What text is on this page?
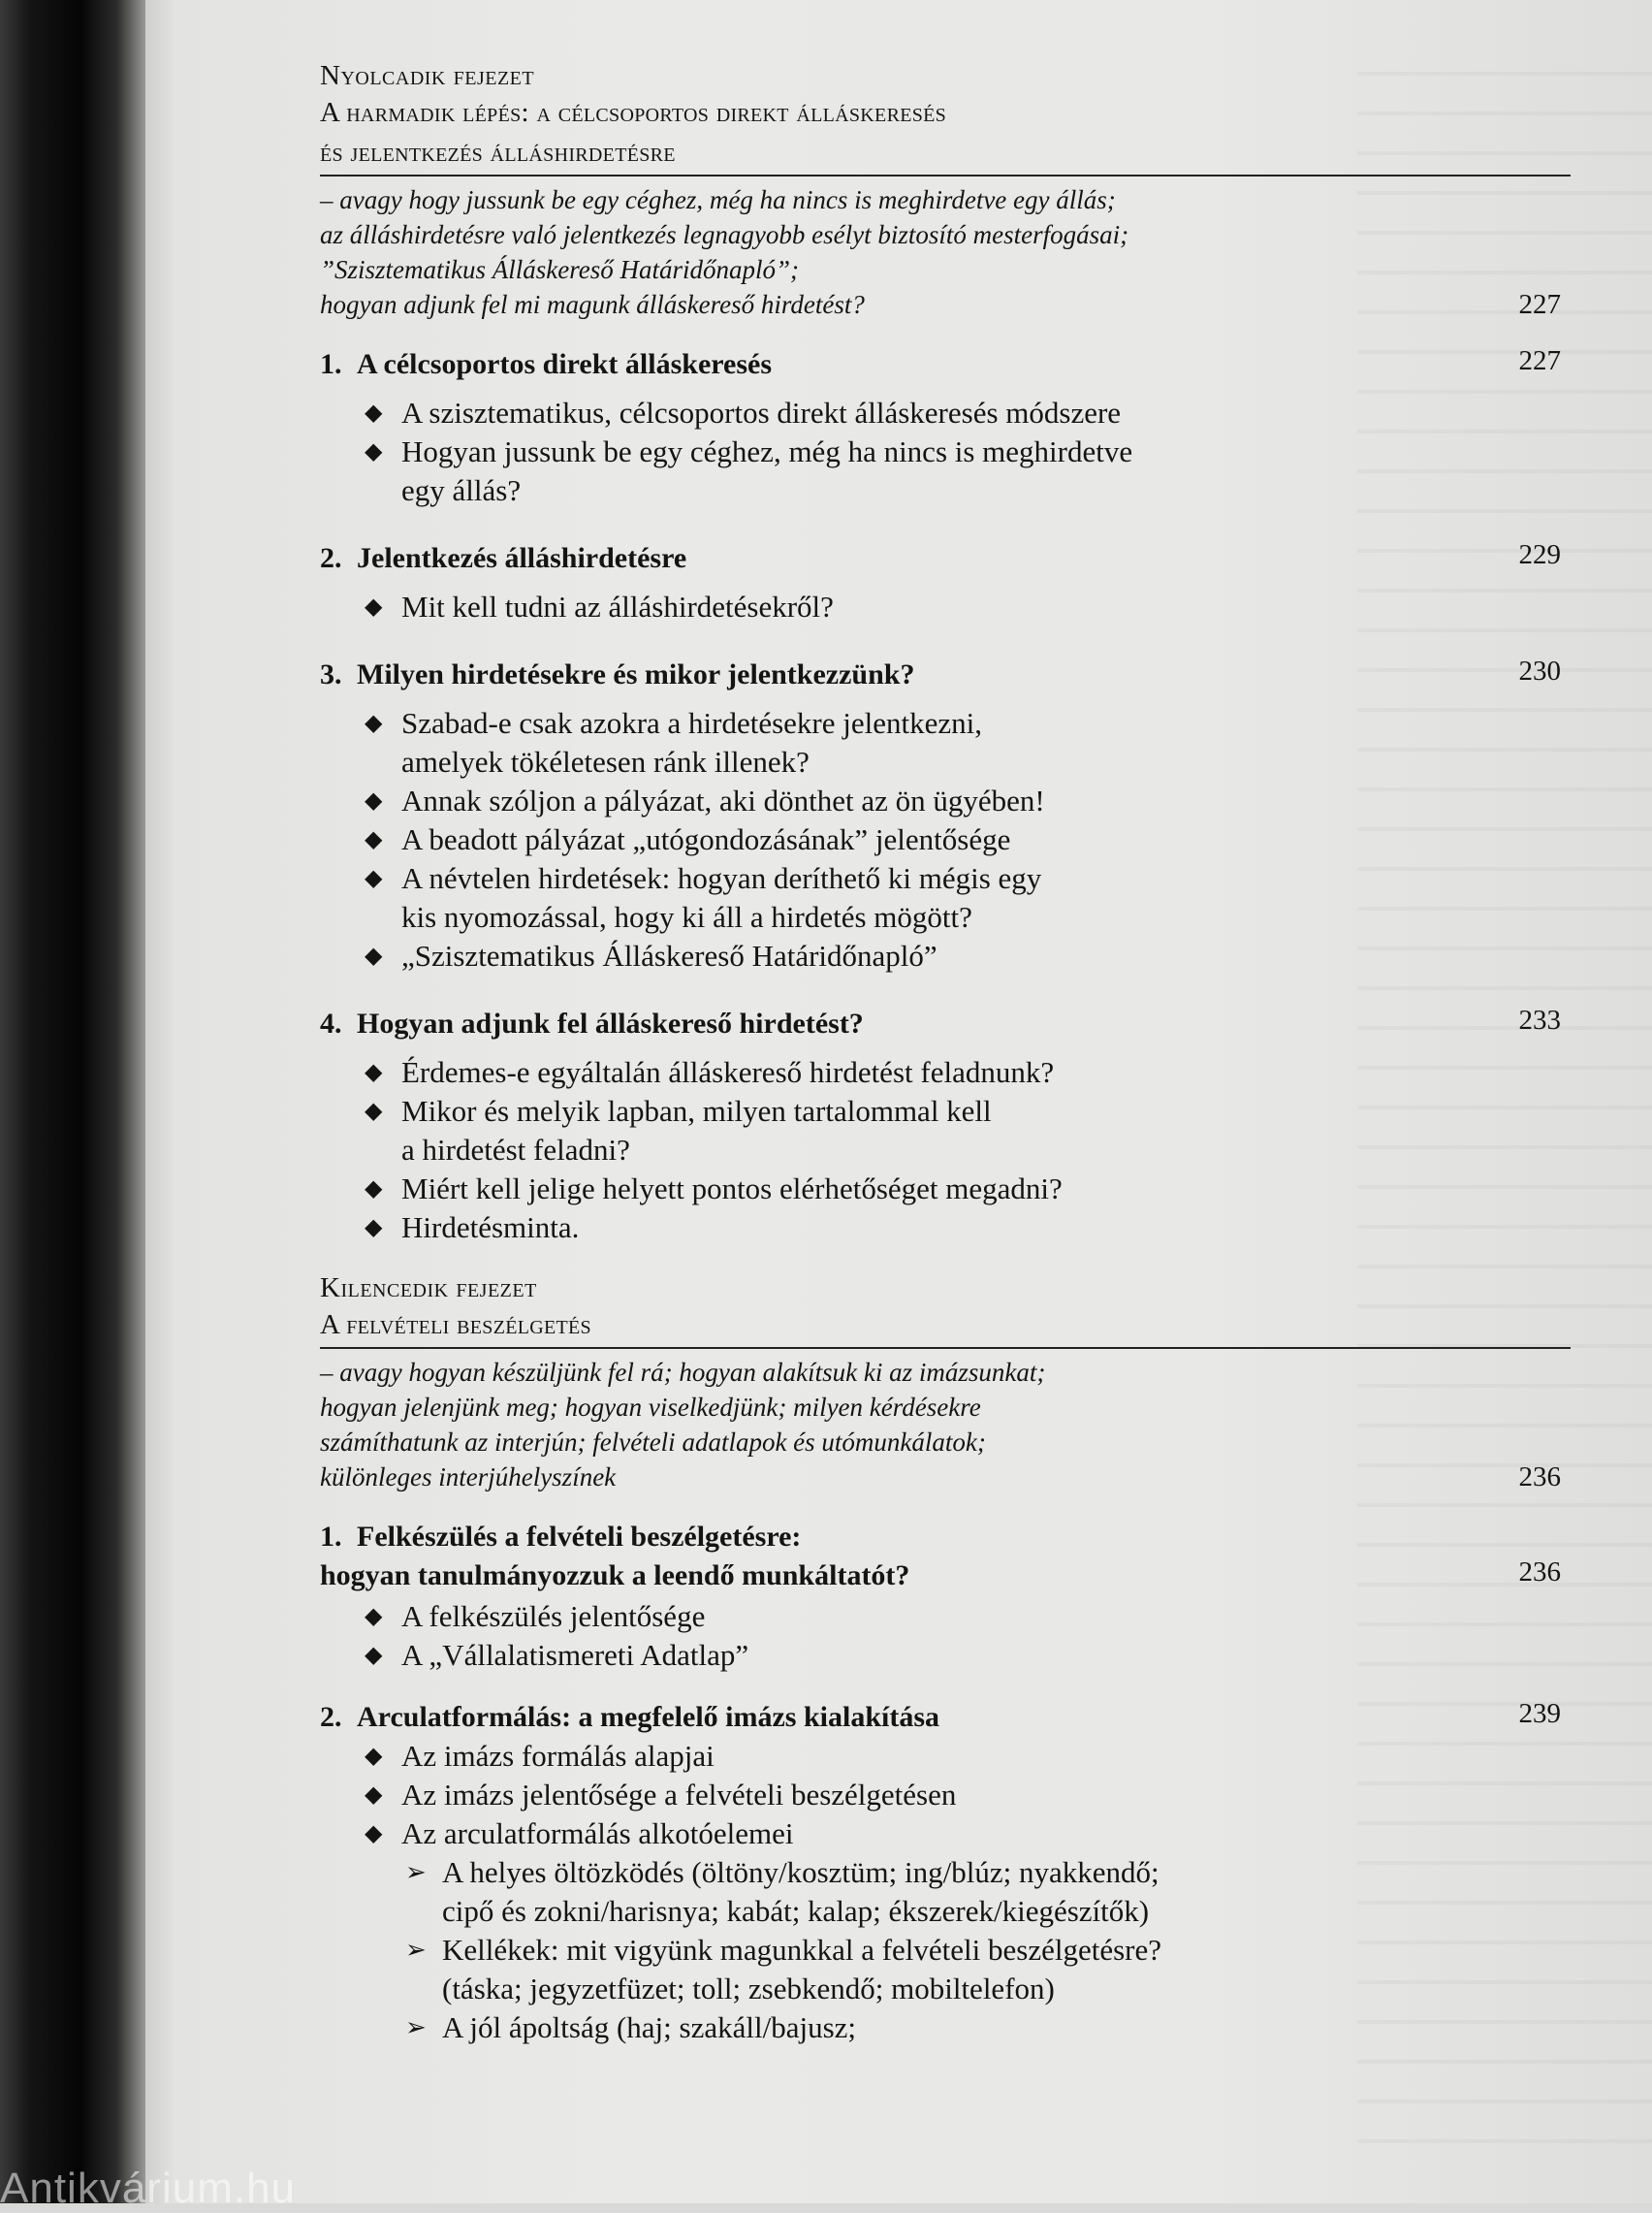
Nyolcadik fejezet
A harmadik lépés: a célcsoportos direkt álláskeresés
és jelentkezés álláshirdetésre
– avagy hogy jussunk be egy céghez, még ha nincs is meghirdetve egy állás;
az álláshirdetésre való jelentkezés legnagyobb esélyt biztosító mesterfogásai;
”Szisztematikus Álláskereső Határidőnapló”;
hogyan adjunk fel mi magunk álláskereső hirdetést?	227
1. A célcsoportos direkt álláskeresés	227
◆ A szisztematikus, célcsoportos direkt álláskeresés módszere
◆ Hogyan jussunk be egy céghez, még ha nincs is meghirdetve
egy állás?
2. Jelentkezés álláshirdetésre	229
◆ Mit kell tudni az álláshirdetésekről?
3. Milyen hirdetésekre és mikor jelentkezzünk?	230
◆ Szabad-e csak azokra a hirdetésekre jelentkezni,
amelyek tökéletesen ránk illenek?
◆ Annak szóljon a pályázat, aki dönthet az ön ügyében!
◆ A beadott pályázat „utógondozásának” jelentősége
◆ A névtelen hirdetések: hogyan deríthető ki mégis egy
kis nyomozással, hogy ki áll a hirdetés mögött?
◆ „Szisztematikus Álláskereső Határidőnapló”
4. Hogyan adjunk fel álláskereső hirdetést?	233
◆ Érdemes-e egyáltalán álláskereső hirdetést feladnunk?
◆ Mikor és melyik lapban, milyen tartalommal kell
a hirdetést feladni?
◆ Miért kell jelige helyett pontos elérhetőséget megadni?
◆ Hirdetésminta.
Kilencedik fejezet
A felvételi beszélgetés
– avagy hogyan készüljünk fel rá; hogyan alakítsuk ki az imázsunkat;
hogyan jelenjünk meg; hogyan viselkedjünk; milyen kérdésekre
számíthatunk az interjún; felvételi adatlapok és utómunkálatok;
különleges interjúhelyszínek	236
1. Felkészülés a felvételi beszélgetésre:
hogyan tanulmányozzuk a leendő munkáltatót?	236
◆ A felkészülés jelentősége
◆ A „Vállalatismereti Adatlap”
2. Arculatformálás: a megfelelő imázs kialakítása	239
◆ Az imázs formálás alapjai
◆ Az imázs jelentősége a felvételi beszélgetésen
◆ Az arculatformálás alkotóelemei
➢ A helyes öltözködés (öltöny/kosztüm; ing/blúz; nyakkendő;
cipő és zokni/harisnya; kabát; kalap; ékszerek/kiegészítők)
➢ Kellékek: mit vigyünk magunkkal a felvételi beszélgetésre?
(táska; jegyzetfüzet; toll; zsebkendő; mobiltelefon)
➢ A jól ápoltság (haj; szakáll/bajusz;
Antikvárium.hu
